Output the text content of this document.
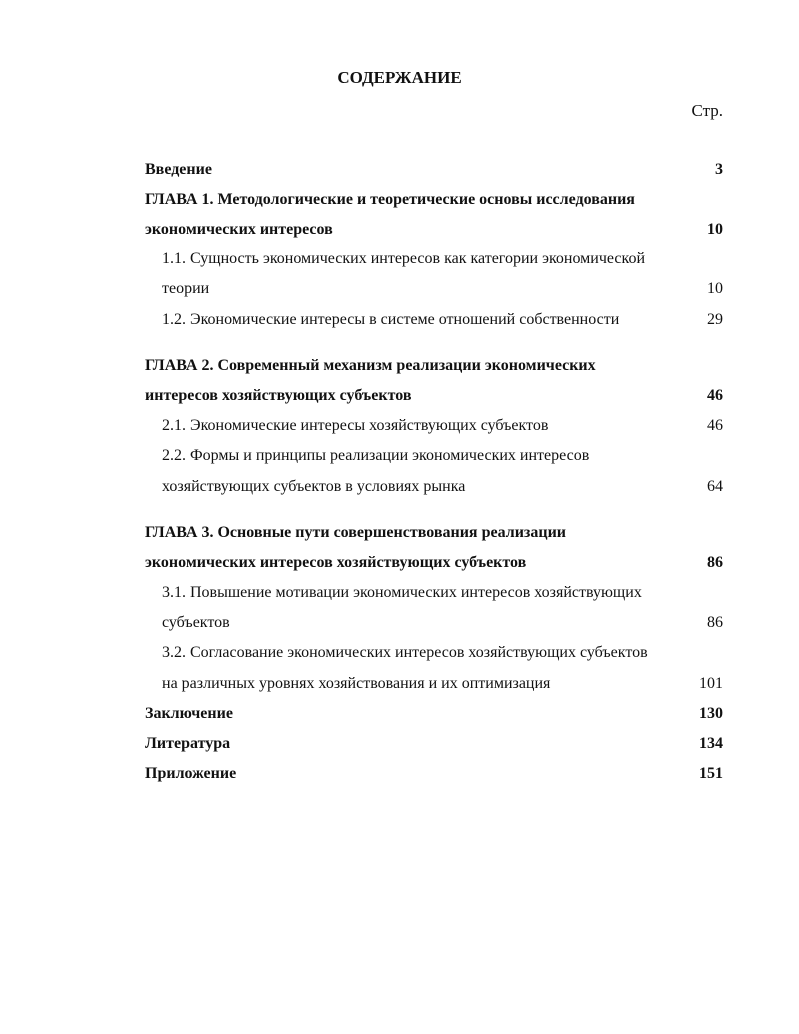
СОДЕРЖАНИЕ
Стр.
Введение	3
ГЛАВА 1. Методологические и теоретические основы исследования
экономических интересов	10
1.1. Сущность экономических интересов как категории экономической
теории	10
1.2. Экономические интересы в системе отношений собственности	29
ГЛАВА 2. Современный механизм реализации экономических
интересов хозяйствующих субъектов	46
2.1. Экономические интересы хозяйствующих субъектов	46
2.2. Формы и принципы реализации экономических интересов
хозяйствующих субъектов в условиях рынка	64
ГЛАВА 3. Основные пути совершенствования реализации
экономических интересов хозяйствующих субъектов	86
3.1. Повышение мотивации экономических интересов хозяйствующих
субъектов	86
3.2. Согласование экономических интересов хозяйствующих субъектов
на различных уровнях хозяйствования и их оптимизация	101
Заключение	130
Литература	134
Приложение	151
